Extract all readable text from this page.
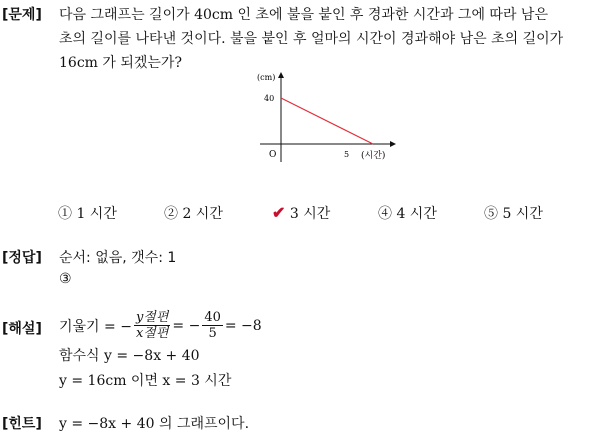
[문제] 다음 그래프는 길이가 40cm 인 초에 불을 붙인 후 경과한 시간과 그에 따라 남은
초의 길이를 나타낸 것이다. 불을 붙인 후 얼마의 시간이 경과해야 남은 초의 길이가
16cm 가 되겠는가?
(cm)
40
O	5 (시간)
① 1 시간	② 2 시간	✔ 3 시간	④ 4 시간	⑤ 5 시간
[정답] 순서: 없음, 갯수: 1
③
[해설] 기울기 = − $\frac{\text{y절편}}{\text{x절편}}$ = − $\frac{40}{5} = -8$
함수식 y = −8x + 40
y = 16cm 이면 x = 3 시간
[힌트] y = −8x + 40 의 그래프이다.
